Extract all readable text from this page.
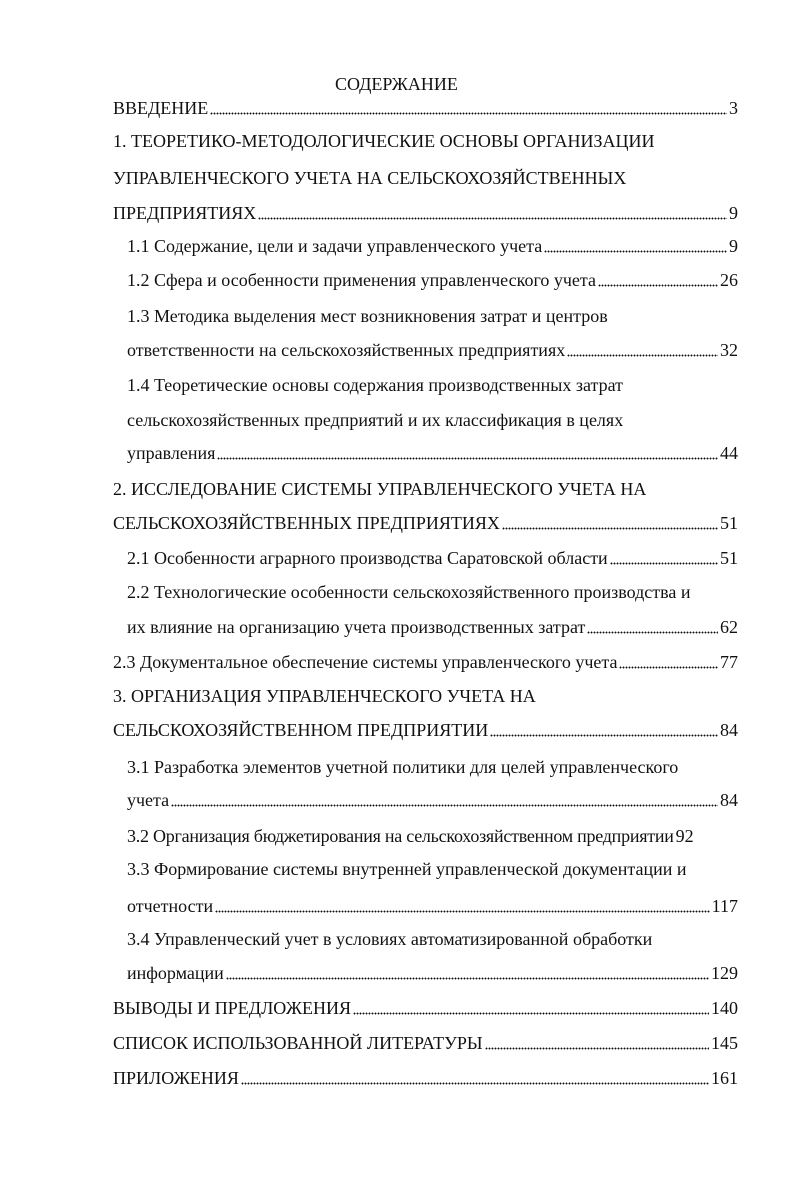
СОДЕРЖАНИЕ
ВВЕДЕНИЕ	3
1. ТЕОРЕТИКО-МЕТОДОЛОГИЧЕСКИЕ ОСНОВЫ ОРГАНИЗАЦИИ
УПРАВЛЕНЧЕСКОГО УЧЕТА НА СЕЛЬСКОХОЗЯЙСТВЕННЫХ
ПРЕДПРИЯТИЯХ	9
1.1 Содержание, цели и задачи управленческого учета	9
1.2 Сфера и особенности применения управленческого учета	26
1.3 Методика выделения мест возникновения затрат и центров
ответственности на сельскохозяйственных предприятиях	32
1.4 Теоретические основы содержания производственных затрат
сельскохозяйственных предприятий и их классификация в целях
управления	44
2. ИССЛЕДОВАНИЕ СИСТЕМЫ УПРАВЛЕНЧЕСКОГО УЧЕТА НА
СЕЛЬСКОХОЗЯЙСТВЕННЫХ ПРЕДПРИЯТИЯХ	51
2.1 Особенности аграрного производства Саратовской области	51
2.2 Технологические особенности сельскохозяйственного производства и
их влияние на организацию учета производственных затрат	62
2.3 Документальное обеспечение системы управленческого учета	77
3. ОРГАНИЗАЦИЯ УПРАВЛЕНЧЕСКОГО УЧЕТА НА
СЕЛЬСКОХОЗЯЙСТВЕННОМ ПРЕДПРИЯТИИ	84
3.1 Разработка элементов учетной политики для целей управленческого
учета	84
3.2 Организация бюджетирования на сельскохозяйственном предприятии 92
3.3 Формирование системы внутренней управленческой документации и
отчетности	117
3.4 Управленческий учет в условиях автоматизированной обработки
информации	129
ВЫВОДЫ И ПРЕДЛОЖЕНИЯ	140
СПИСОК ИСПОЛЬЗОВАННОЙ ЛИТЕРАТУРЫ	145
ПРИЛОЖЕНИЯ	161
